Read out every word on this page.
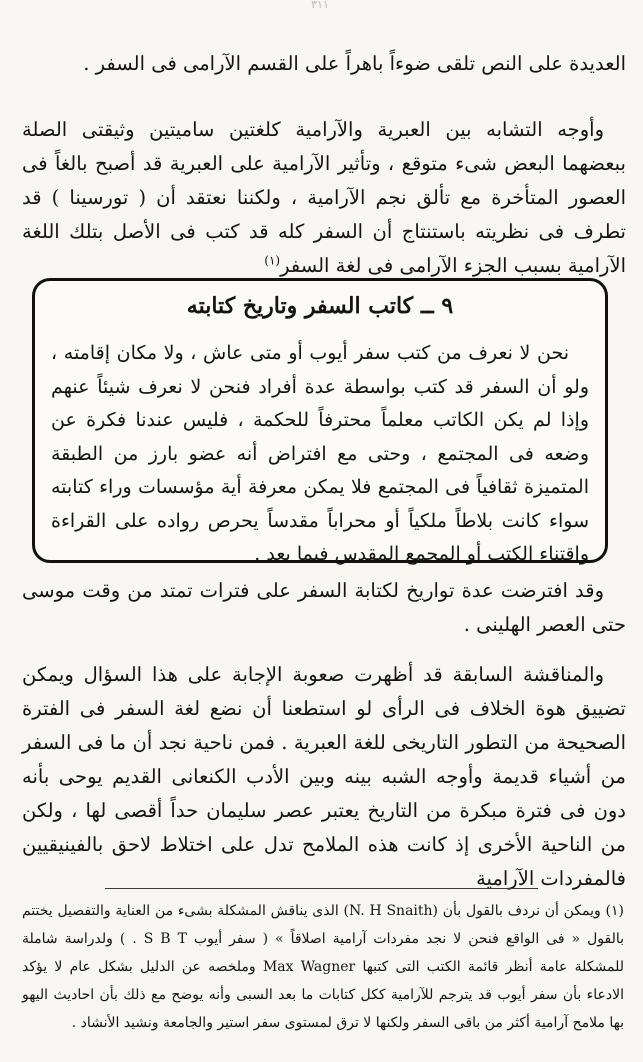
٣١١

العديدة على النص تلقى ضوءاً باهراً على القسم الآرامى فى السفر .

وأوجه التشابه بين العبرية والآرامية كلغتين ساميتين وثيقتى الصلة ببعضهما البعض شىء متوقع ، وتأثير الآرامية على العبرية قد أصبح بالغاً فى العصور المتأخرة مع تألق نجم الآرامية ، ولكننا نعتقد أن ( تورسينا ) قد تطرف فى نظريته باستنتاج أن السفر كله قد كتب فى الأصل بتلك اللغة الآرامية بسبب الجزء الآرامى فى لغة السفر$^{(١)}$

٩ ــ كاتب السفر وتاريخ كتابته

نحن لا نعرف من كتب سفر أيوب أو متى عاش ، ولا مكان إقامته ، ولو أن السفر قد كتب بواسطة عدة أفراد فنحن لا نعرف شيئاً عنهم وإذا لم يكن الكاتب معلماً محترفاً للحكمة ، فليس عندنا فكرة عن وضعه فى المجتمع ، وحتى مع افتراض أنه عضو بارز من الطبقة المتميزة ثقافياً فى المجتمع فلا يمكن معرفة أية مؤسسات وراء كتابته سواء كانت بلاطاً ملكياً أو محراباً مقدساً يحرص رواده على القراءة واقتناء الكتب أو المجمع المقدس فيما بعد .

وقد افترضت عدة تواريخ لكتابة السفر على فترات تمتد من وقت موسى حتى العصر الهلينى .

والمناقشة السابقة قد أظهرت صعوبة الإجابة على هذا السؤال ويمكن تضييق هوة الخلاف فى الرأى لو استطعنا أن نضع لغة السفر فى الفترة الصحيحة من التطور التاريخى للغة العبرية . فمن ناحية نجد أن ما فى السفر من أشياء قديمة وأوجه الشبه بينه وبين الأدب الكنعانى القديم يوحى بأنه دون فى فترة مبكرة من التاريخ يعتبر عصر سليمان حداً أقصى لها ، ولكن من الناحية الأخرى إذ كانت هذه الملامح تدل على اختلاط لاحق بالفينيقيين فالمفردات الآرامية

(١) ويمكن أن نردف بالقول بأن (N. H Snaith) الذى يناقش المشكلة بشىء من العناية والتفصيل يختتم بالقول « فى الواقع فنحن لا نجد مفردات آرامية اصلاقاً » ( سفر أيوب S B T . ) ولدراسة شاملة للمشكلة عامة أنظر قائمة الكتب التى كتبها Max Wagner وملخصه عن الدليل بشكل عام لا يؤكد الادعاء بأن سفر أيوب قد يترجم للآرامية ككل كتابات ما بعد السبى وأنه يوضح مع ذلك بأن احاديث اليهو بها ملامح آرامية أكثر من باقى السفر ولكنها لا ترق لمستوى سفر استير والجامعة ونشيد الأنشاد .
